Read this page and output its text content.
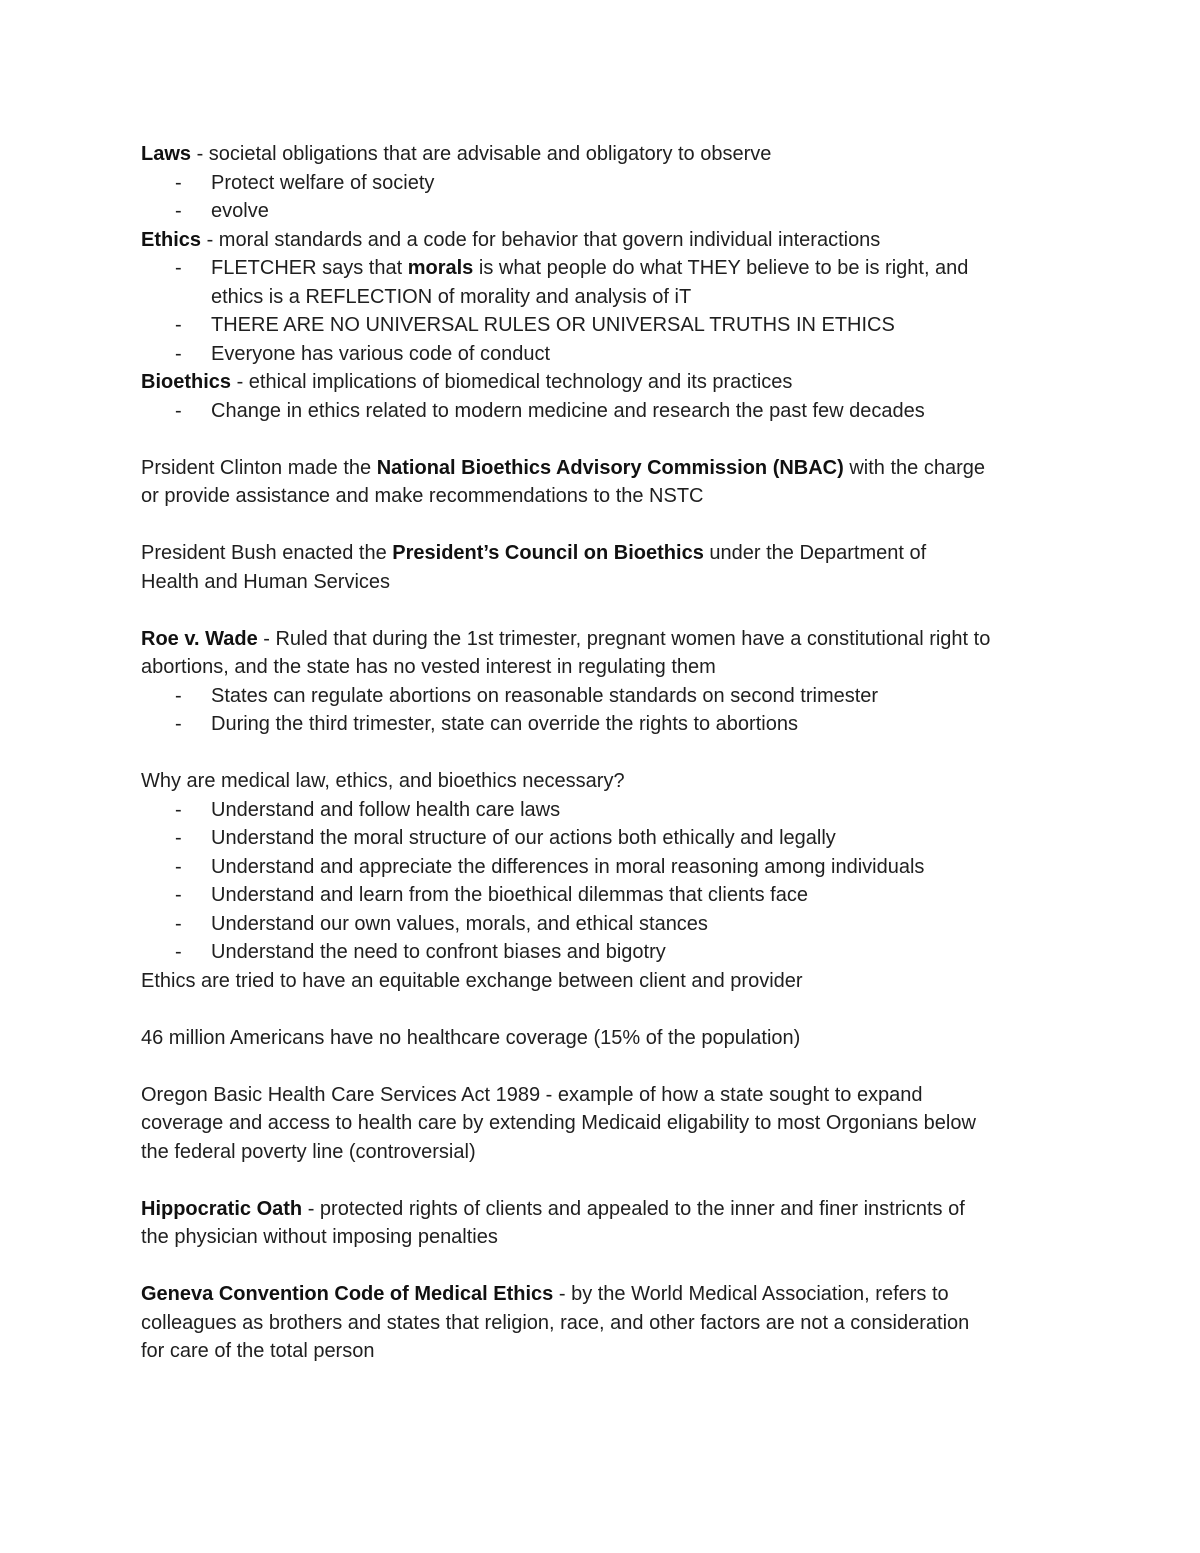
Laws - societal obligations that are advisable and obligatory to observe

- Protect welfare of society
- evolve

Ethics - moral standards and a code for behavior that govern individual interactions

- FLETCHER says that morals is what people do what THEY believe to be is right, and
ethics is a REFLECTION of morality and analysis of iT
- THERE ARE NO UNIVERSAL RULES OR UNIVERSAL TRUTHS IN ETHICS
- Everyone has various code of conduct

Bioethics - ethical implications of biomedical technology and its practices

- Change in ethics related to modern medicine and research the past few decades

Prsident Clinton made the National Bioethics Advisory Commission (NBAC) with the charge

or provide assistance and make recommendations to the NSTC

President Bush enacted the President’s Council on Bioethics under the Department of

Health and Human Services

Roe v. Wade - Ruled that during the 1st trimester, pregnant women have a constitutional right to

abortions, and the state has no vested interest in regulating them

- States can regulate abortions on reasonable standards on second trimester
- During the third trimester, state can override the rights to abortions

Why are medical law, ethics, and bioethics necessary?

- Understand and follow health care laws
- Understand the moral structure of our actions both ethically and legally
- Understand and appreciate the differences in moral reasoning among individuals
- Understand and learn from the bioethical dilemmas that clients face
- Understand our own values, morals, and ethical stances
- Understand the need to confront biases and bigotry

Ethics are tried to have an equitable exchange between client and provider

46 million Americans have no healthcare coverage (15% of the population)

Oregon Basic Health Care Services Act 1989 - example of how a state sought to expand

coverage and access to health care by extending Medicaid eligability to most Orgonians below

the federal poverty line (controversial)

Hippocratic Oath - protected rights of clients and appealed to the inner and finer instricnts of

the physician without imposing penalties

Geneva Convention Code of Medical Ethics - by the World Medical Association, refers to

colleagues as brothers and states that religion, race, and other factors are not a consideration

for care of the total person
